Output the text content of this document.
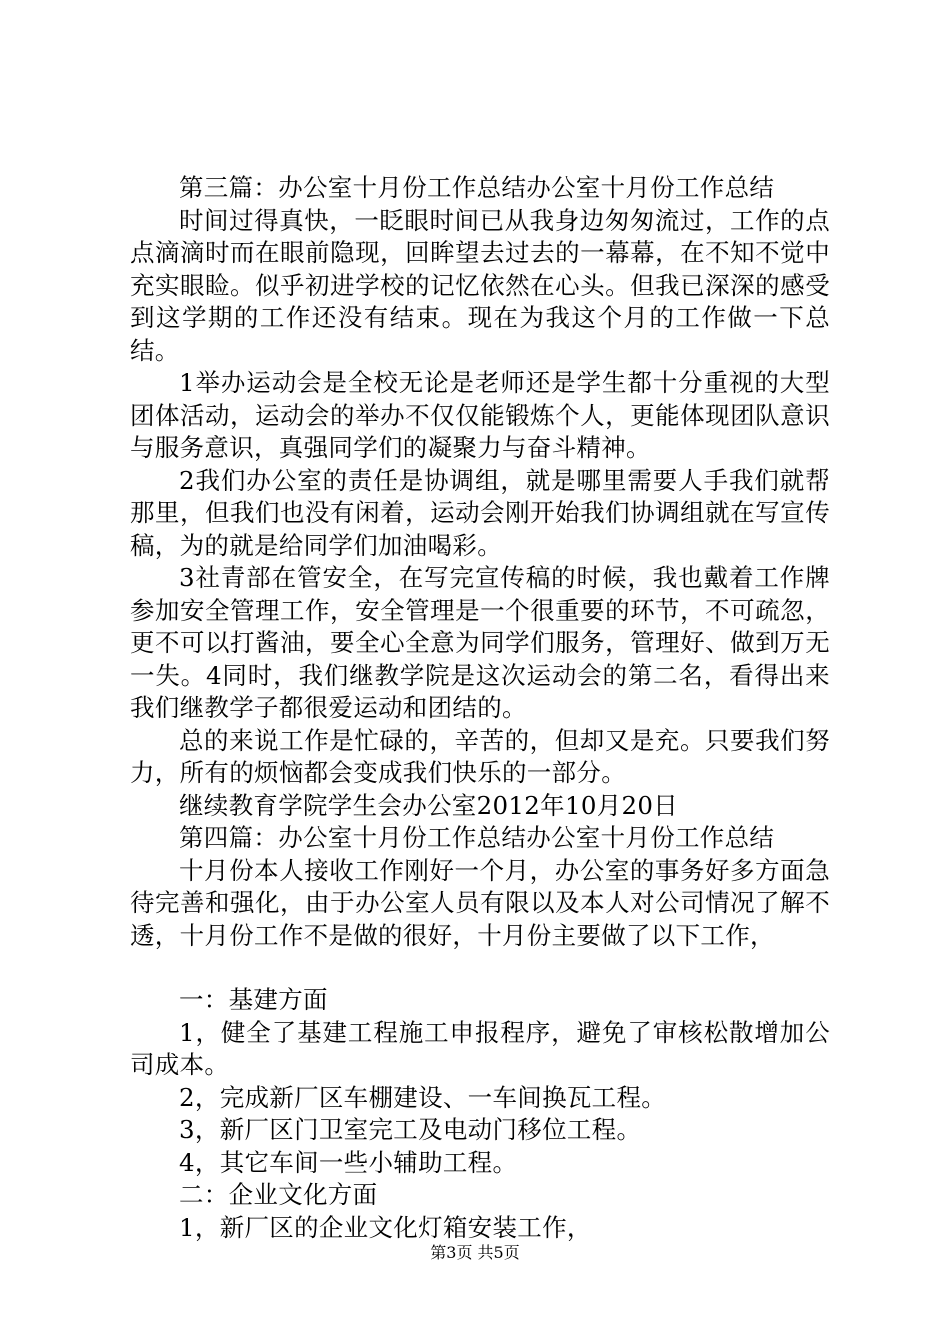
第三篇：办公室十月份工作总结办公室十月份工作总结

时间过得真快，一眨眼时间已从我身边匆匆流过，工作的点点滴滴时而在眼前隐现，回眸望去过去的一幕幕，在不知不觉中充实眼睑。似乎初进学校的记忆依然在心头。但我已深深的感受到这学期的工作还没有结束。现在为我这个月的工作做一下总结。

1举办运动会是全校无论是老师还是学生都十分重视的大型团体活动，运动会的举办不仅仅能锻炼个人，更能体现团队意识与服务意识，真强同学们的凝聚力与奋斗精神。

2我们办公室的责任是协调组，就是哪里需要人手我们就帮那里，但我们也没有闲着，运动会刚开始我们协调组就在写宣传稿，为的就是给同学们加油喝彩。

3社青部在管安全，在写完宣传稿的时候，我也戴着工作牌参加安全管理工作，安全管理是一个很重要的环节，不可疏忽，更不可以打酱油，要全心全意为同学们服务，管理好、做到万无一失。4同时，我们继教学院是这次运动会的第二名，看得出来我们继教学子都很爱运动和团结的。

总的来说工作是忙碌的，辛苦的，但却又是充。只要我们努力，所有的烦恼都会变成我们快乐的一部分。

继续教育学院学生会办公室2012年10月20日

第四篇：办公室十月份工作总结办公室十月份工作总结

十月份本人接收工作刚好一个月，办公室的事务好多方面急待完善和强化，由于办公室人员有限以及本人对公司情况了解不透，十月份工作不是做的很好，十月份主要做了以下工作，

一：基建方面

1，健全了基建工程施工申报程序，避免了审核松散增加公司成本。

2，完成新厂区车棚建设、一车间换瓦工程。

3，新厂区门卫室完工及电动门移位工程。

4，其它车间一些小辅助工程。

二：企业文化方面

1，新厂区的企业文化灯箱安装工作，

第3页 共5页
